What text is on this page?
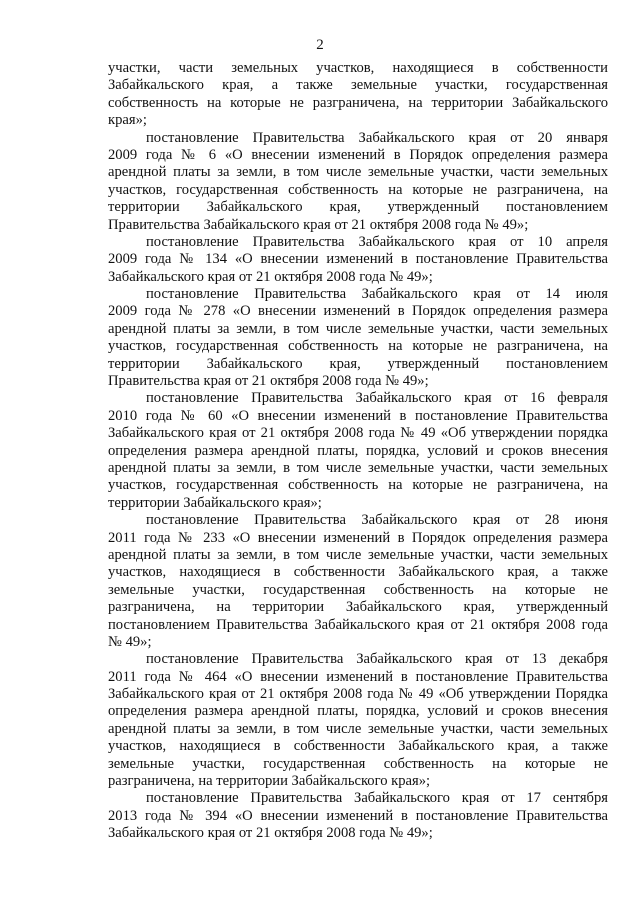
2
участки, части земельных участков, находящиеся в собственности
Забайкальского края, а также земельные участки, государственная
собственность на которые не разграничена, на территории Забайкальского
края»;
постановление Правительства Забайкальского края от 20 января
2009 года № 6 «О внесении изменений в Порядок определения размера
арендной платы за земли, в том числе земельные участки, части земельных
участков, государственная собственность на которые не разграничена, на
территории Забайкальского края, утвержденный постановлением
Правительства Забайкальского края от 21 октября 2008 года № 49»;
постановление Правительства Забайкальского края от 10 апреля
2009 года № 134 «О внесении изменений в постановление Правительства
Забайкальского края от 21 октября 2008 года № 49»;
постановление Правительства Забайкальского края от 14 июля
2009 года № 278 «О внесении изменений в Порядок определения размера
арендной платы за земли, в том числе земельные участки, части земельных
участков, государственная собственность на которые не разграничена, на
территории Забайкальского края, утвержденный постановлением
Правительства края от 21 октября 2008 года № 49»;
постановление Правительства Забайкальского края от 16 февраля
2010 года № 60 «О внесении изменений в постановление Правительства
Забайкальского края от 21 октября 2008 года № 49 «Об утверждении порядка
определения размера арендной платы, порядка, условий и сроков внесения
арендной платы за земли, в том числе земельные участки, части земельных
участков, государственная собственность на которые не разграничена, на
территории Забайкальского края»;
постановление Правительства Забайкальского края от 28 июня
2011 года № 233 «О внесении изменений в Порядок определения размера
арендной платы за земли, в том числе земельные участки, части земельных
участков, находящиеся в собственности Забайкальского края, а также
земельные участки, государственная собственность на которые не
разграничена, на территории Забайкальского края, утвержденный
постановлением Правительства Забайкальского края от 21 октября 2008 года
№ 49»;
постановление Правительства Забайкальского края от 13 декабря
2011 года № 464 «О внесении изменений в постановление Правительства
Забайкальского края от 21 октября 2008 года № 49 «Об утверждении Порядка
определения размера арендной платы, порядка, условий и сроков внесения
арендной платы за земли, в том числе земельные участки, части земельных
участков, находящиеся в собственности Забайкальского края, а также
земельные участки, государственная собственность на которые не
разграничена, на территории Забайкальского края»;
постановление Правительства Забайкальского края от 17 сентября
2013 года № 394 «О внесении изменений в постановление Правительства
Забайкальского края от 21 октября 2008 года № 49»;
